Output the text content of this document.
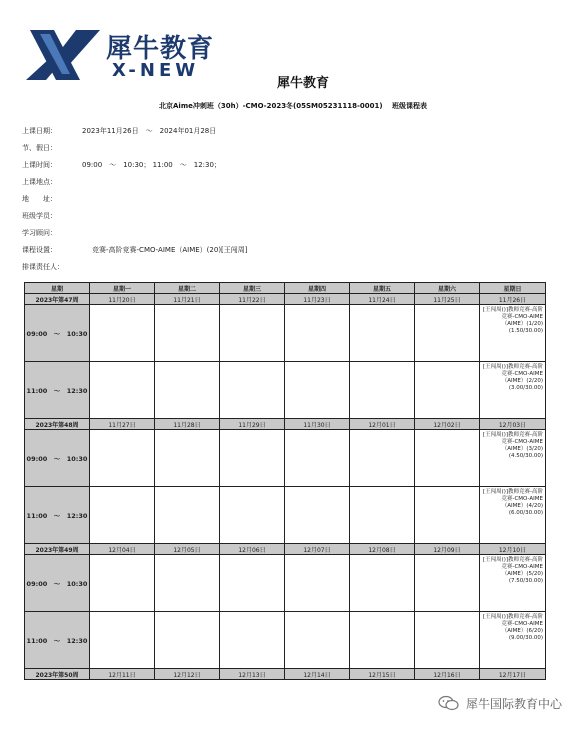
犀牛教育
X-NEW
犀牛教育
北京Aime冲刺班（30h）-CMO-2023冬(05SM05231118-0001)　 班级课程表
上课日期：	2023年11月26日　～　2024年01月28日
节、假日：
上课时间：	09:00　～　10:30； 11:00　～　12:30；
上课地点：
地　　址：
班级学员：
学习顾问：
课程设置：	竞赛-高阶竞赛-CMO-AIME（AIME）(20)[王闯周]
排课责任人：
星期	星期一	星期二	星期三	星期四	星期五	星期六	星期日
2023年第47周	11月20日	11月21日	11月22日	11月23日	11月24日	11月25日	11月26日
09:00　～　10:30							[王闯周()]教师竞赛-高阶竞赛-CMO-AIME（AIME）(1/20)(1.50/30.00)
11:00　～　12:30							[王闯周()]教师竞赛-高阶竞赛-CMO-AIME（AIME）(2/20)(3.00/30.00)
2023年第48周	11月27日	11月28日	11月29日	11月30日	12月01日	12月02日	12月03日
09:00　～　10:30							[王闯周()]教师竞赛-高阶竞赛-CMO-AIME（AIME）(3/20)(4.50/30.00)
11:00　～　12:30							[王闯周()]教师竞赛-高阶竞赛-CMO-AIME（AIME）(4/20)(6.00/30.00)
2023年第49周	12月04日	12月05日	12月06日	12月07日	12月08日	12月09日	12月10日
09:00　～　10:30							[王闯周()]教师竞赛-高阶竞赛-CMO-AIME（AIME）(5/20)(7.50/30.00)
11:00　～　12:30							[王闯周()]教师竞赛-高阶竞赛-CMO-AIME（AIME）(6/20)(9.00/30.00)
2023年第50周	12月11日	12月12日	12月13日	12月14日	12月15日	12月16日	12月17日
犀牛国际教育中心
